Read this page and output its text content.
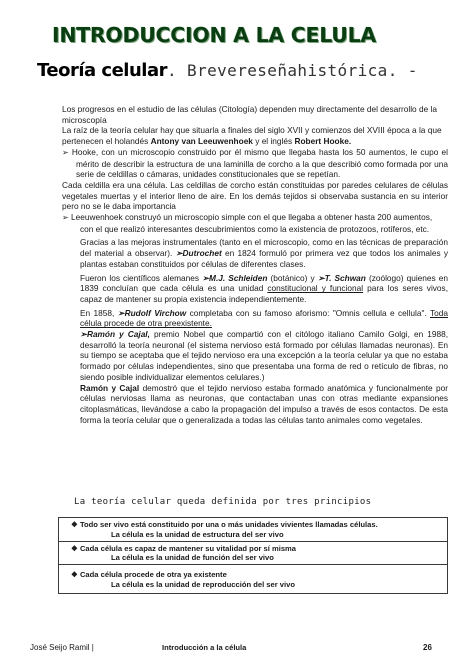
INTRODUCCION A LA CELULA
Teoría celular. Brevereseñahistórica. -

Los progresos en el estudio de las células (Citología) dependen muy directamente del desarrollo de la microscopía

La raíz de la teoría celular hay que situarla a finales del siglo XVII y comienzos del XVIII época a la que pertenecen el holandés Antony van Leeuwenhoek y el inglés Robert Hooke.

➢ Hooke, con un microscopio construido por él mismo que llegaba hasta los 50 aumentos, le cupo el mérito de describir la estructura de una laminilla de corcho a la que describió como formada por una serie de celdillas o cámaras, unidades constitucionales que se repetían.

Cada celdilla era una célula. Las celdillas de corcho están constituidas por paredes celulares de células vegetales muertas y el interior lleno de aire. En los demás tejidos si observaba sustancia en su interior pero no se le daba importancia

➢ Leeuwenhoek construyó un microscopio simple con el que llegaba a obtener hasta 200 aumentos,

con el que realizó interesantes descubrimientos como la existencia de protozoos, rotíferos, etc.

Gracias a las mejoras instrumentales (tanto en el microscopio, como en las técnicas de preparación del material a observar). ➢Dutrochet en 1824 formuló por primera vez que todos los animales y plantas estaban constituidos por células de diferentes clases.

Fueron los científicos alemanes ➢M.J. Schleiden (botánico) y ➢T. Schwan (zoólogo) quienes en 1839 concluían que cada célula es una unidad constitucional y funcional para los seres vivos, capaz de mantener su propia existencia independientemente.

En 1858, ➢Rudolf Virchow completaba con su famoso aforismo: "Omnis cellula e cellula". Toda célula procede de otra preexistente.

➢Ramón y Cajal, premio Nobel que compartió con el citólogo italiano Camilo Golgi, en 1988, desarrolló la teoría neuronal (el sistema nervioso está formado por células llamadas neuronas). En su tiempo se aceptaba que el tejido nervioso era una excepción a la teoría celular ya que no estaba formado por células independientes, sino que presentaba una forma de red o retículo de fibras, no siendo posible individualizar elementos celulares.)

Ramón y Cajal demostró que el tejido nervioso estaba formado anatómica y funcionalmente por células nerviosas llama as neuronas, que contactaban unas con otras mediante expansiones citoplasmáticas, llevándose a cabo la propagación del impulso a través de esos contactos. De esta forma la teoría celular que o generalizada a todas las células tanto animales como vegetales.

La teoría celular queda definida por tres principios
❖ Todo ser vivo está constituido por una o más unidades vivientes llamadas células.
La célula es la unidad de estructura del ser vivo
❖ Cada célula es capaz de mantener su vitalidad por sí misma
La célula es la unidad de función del ser vivo
❖ Cada célula procede de otra ya existente
La célula es la unidad de reproducción del ser vivo
José Seijo Ramil |	Introducción a la célula	26
